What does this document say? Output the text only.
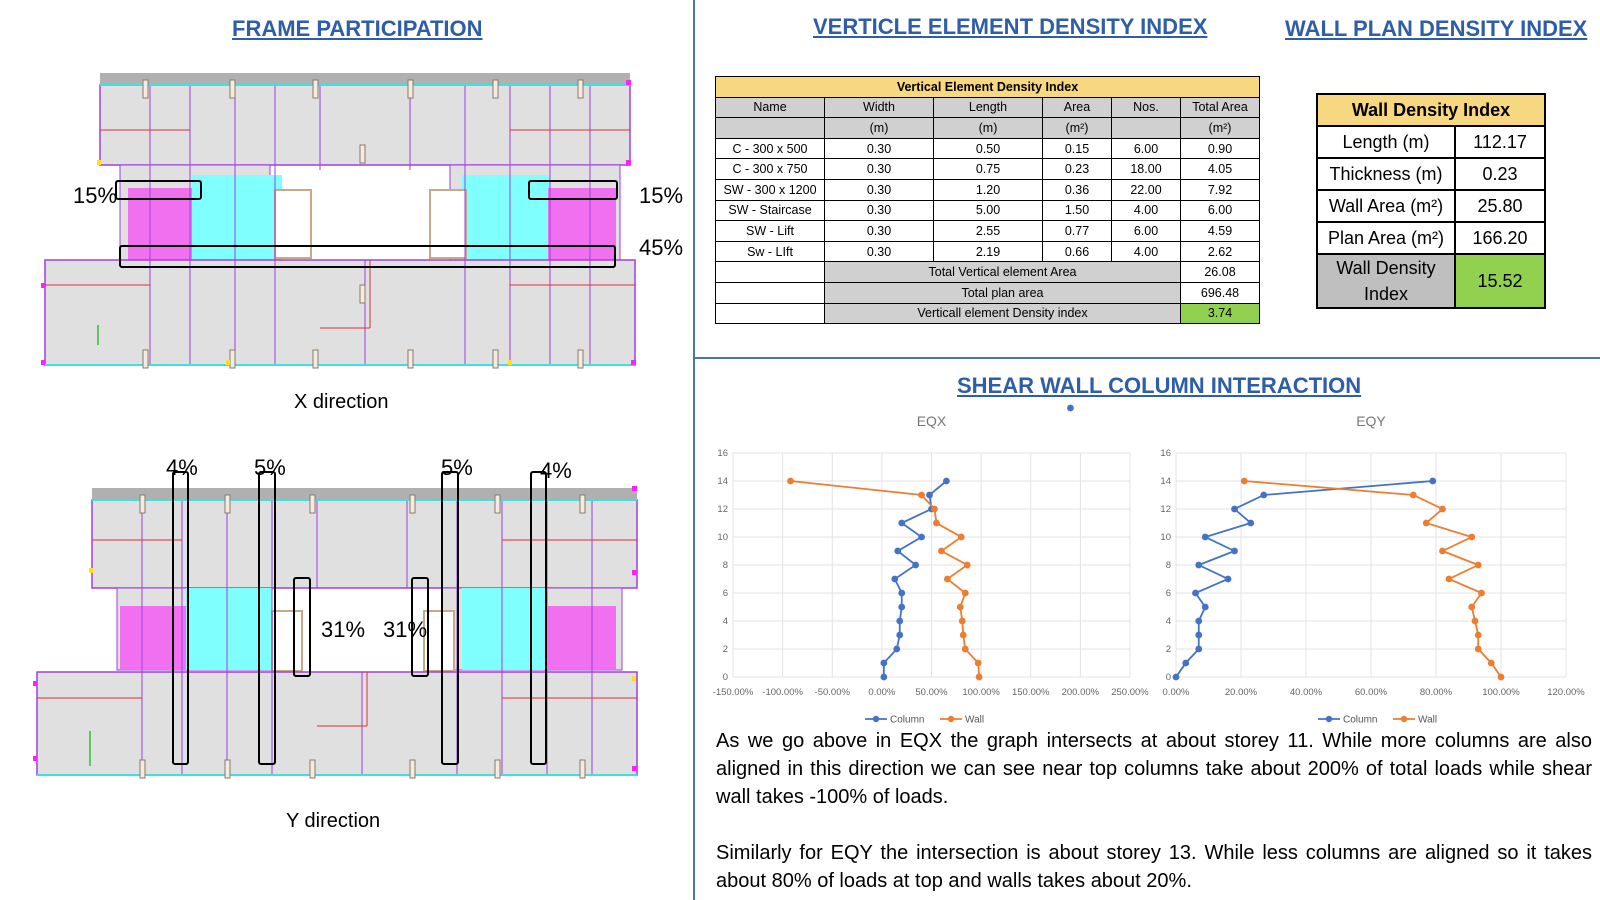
FRAME PARTICIPATION	VERTICLE ELEMENT DENSITY INDEX	WALL PLAN DENSITY INDEX
SHEAR WALL COLUMN INTERACTION
15%	15%
45%
X direction
4%	5%	5%	4%
31% 31%
Y direction
Vertical Element Density Index					
Name	Width	Length	Area	Nos.	Total Area
	(m)	(m)	(m²)		(m²)
C - 300 x 500	0.30	0.50	0.15	6.00	0.90
C - 300 x 750	0.30	0.75	0.23	18.00	4.05
SW - 300 x 1200	0.30	1.20	0.36	22.00	7.92
SW - Staircase	0.30	5.00	1.50	4.00	6.00
SW - Lift	0.30	2.55	0.77	6.00	4.59
Sw - LIft	0.30	2.19	0.66	4.00	2.62
	Total Vertical element Area				26.08
	Total plan area				696.48
	Verticall element Density index				3.74
Wall Density Index	
Length (m)	112.17
Thickness (m)	0.23
Wall Area (m²)	25.80
Plan Area (m²)	166.20
Wall Density
Index	15.52
EQX
0
2
4
6
8
10
12
14
16
-150.00% -100.00% -50.00% 0.00% 50.00% 100.00% 150.00% 200.00% 250.00%
Column	Wall
EQY
0
2
4
6
8
10
12
14
16
0.00%	20.00%	40.00%	60.00%	80.00%	100.00%	120.00%
Column	Wall
As we go above in EQX the graph intersects at about storey 11. While more columns are also aligned in this direction we can see near top columns take about 200% of total loads while shear wall takes -100% of loads.
Similarly for EQY the intersection is about storey 13. While less columns are aligned so it takes about 80% of loads at top and walls takes about 20%.
